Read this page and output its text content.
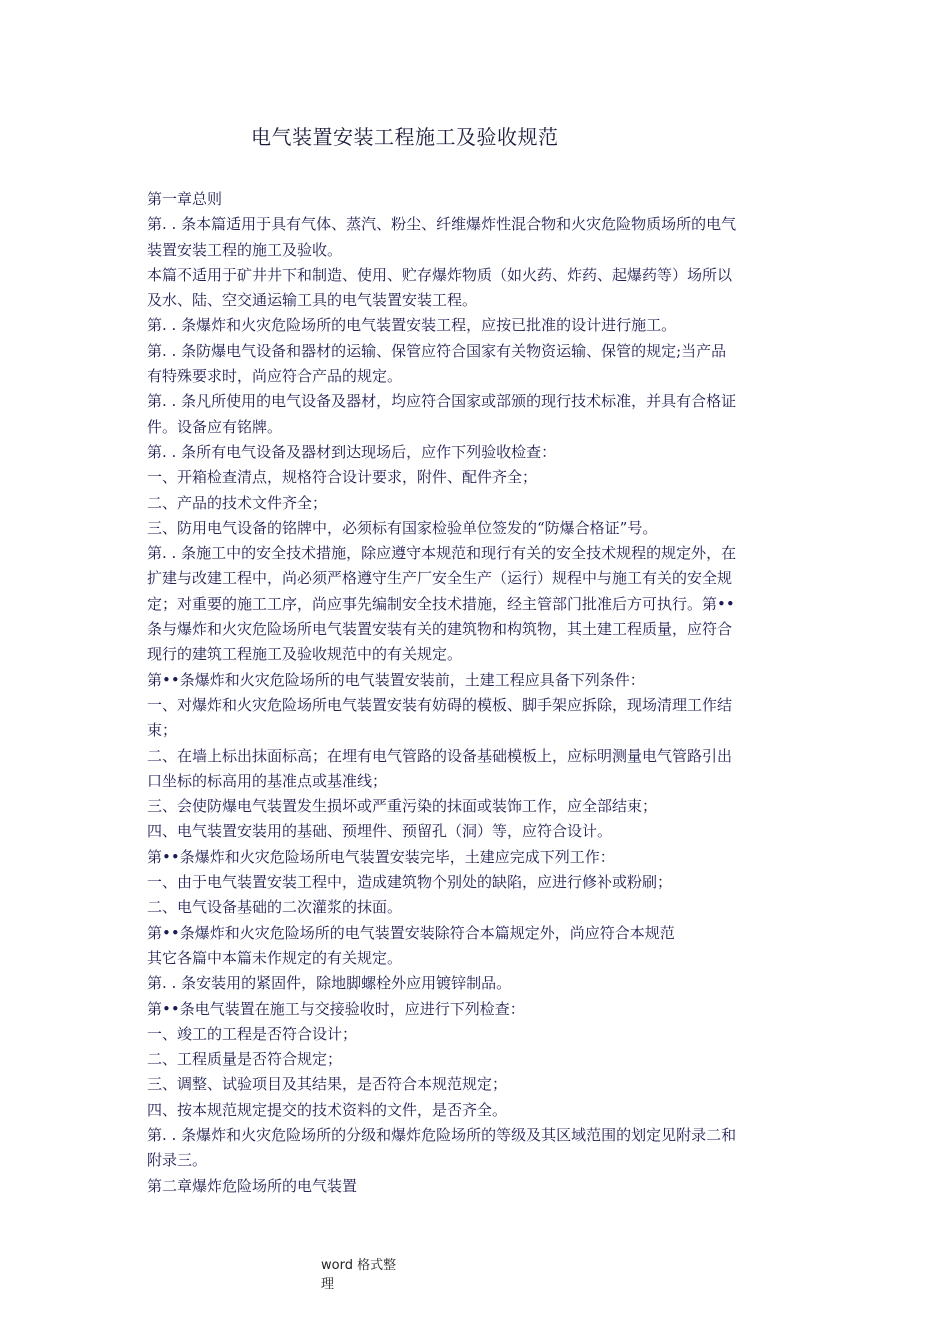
电气装置安装工程施工及验收规范
第一章总则
第. . 条本篇适用于具有气体、蒸汽、粉尘、纤维爆炸性混合物和火灾危险物质场所的电气
装置安装工程的施工及验收。
本篇不适用于矿井井下和制造、使用、贮存爆炸物质（如火药、炸药、起爆药等）场所以
及水、陆、空交通运输工具的电气装置安装工程。
第. . 条爆炸和火灾危险场所的电气装置安装工程，应按已批准的设计进行施工。
第. . 条防爆电气设备和器材的运输、保管应符合国家有关物资运输、保管的规定;当产品
有特殊要求时，尚应符合产品的规定。
第. . 条凡所使用的电气设备及器材，均应符合国家或部颁的现行技术标准，并具有合格证
件。设备应有铭牌。
第. . 条所有电气设备及器材到达现场后，应作下列验收检查：
一、开箱检查清点，规格符合设计要求，附件、配件齐全；
二、产品的技术文件齐全；
三、防用电气设备的铭牌中，必须标有国家检验单位签发的“防爆合格证”号。
第. . 条施工中的安全技术措施，除应遵守本规范和现行有关的安全技术规程的规定外，在
扩建与改建工程中，尚必须严格遵守生产厂安全生产（运行）规程中与施工有关的安全规
定；对重要的施工工序，尚应事先编制安全技术措施，经主管部门批准后方可执行。第••
条与爆炸和火灾危险场所电气装置安装有关的建筑物和构筑物，其土建工程质量，应符合
现行的建筑工程施工及验收规范中的有关规定。
第••条爆炸和火灾危险场所的电气装置安装前，土建工程应具备下列条件：
一、对爆炸和火灾危险场所电气装置安装有妨碍的模板、脚手架应拆除，现场清理工作结
束；
二、在墙上标出抹面标高；在埋有电气管路的设备基础模板上，应标明测量电气管路引出
口坐标的标高用的基准点或基准线；
三、会使防爆电气装置发生损坏或严重污染的抹面或装饰工作，应全部结束；
四、电气装置安装用的基础、预埋件、预留孔（洞）等，应符合设计。
第••条爆炸和火灾危险场所电气装置安装完毕，土建应完成下列工作：
一、由于电气装置安装工程中，造成建筑物个别处的缺陷，应进行修补或粉刷；
二、电气设备基础的二次灌浆的抹面。
第••条爆炸和火灾危险场所的电气装置安装除符合本篇规定外，尚应符合本规范
其它各篇中本篇未作规定的有关规定。
第. . 条安装用的紧固件，除地脚螺栓外应用镀锌制品。
第••条电气装置在施工与交接验收时，应进行下列检查：
一、竣工的工程是否符合设计；
二、工程质量是否符合规定；
三、调整、试验项目及其结果，是否符合本规范规定；
四、按本规范规定提交的技术资料的文件，是否齐全。
第. . 条爆炸和火灾危险场所的分级和爆炸危险场所的等级及其区域范围的划定见附录二和
附录三。
第二章爆炸危险场所的电气装置
word 格式整
理
